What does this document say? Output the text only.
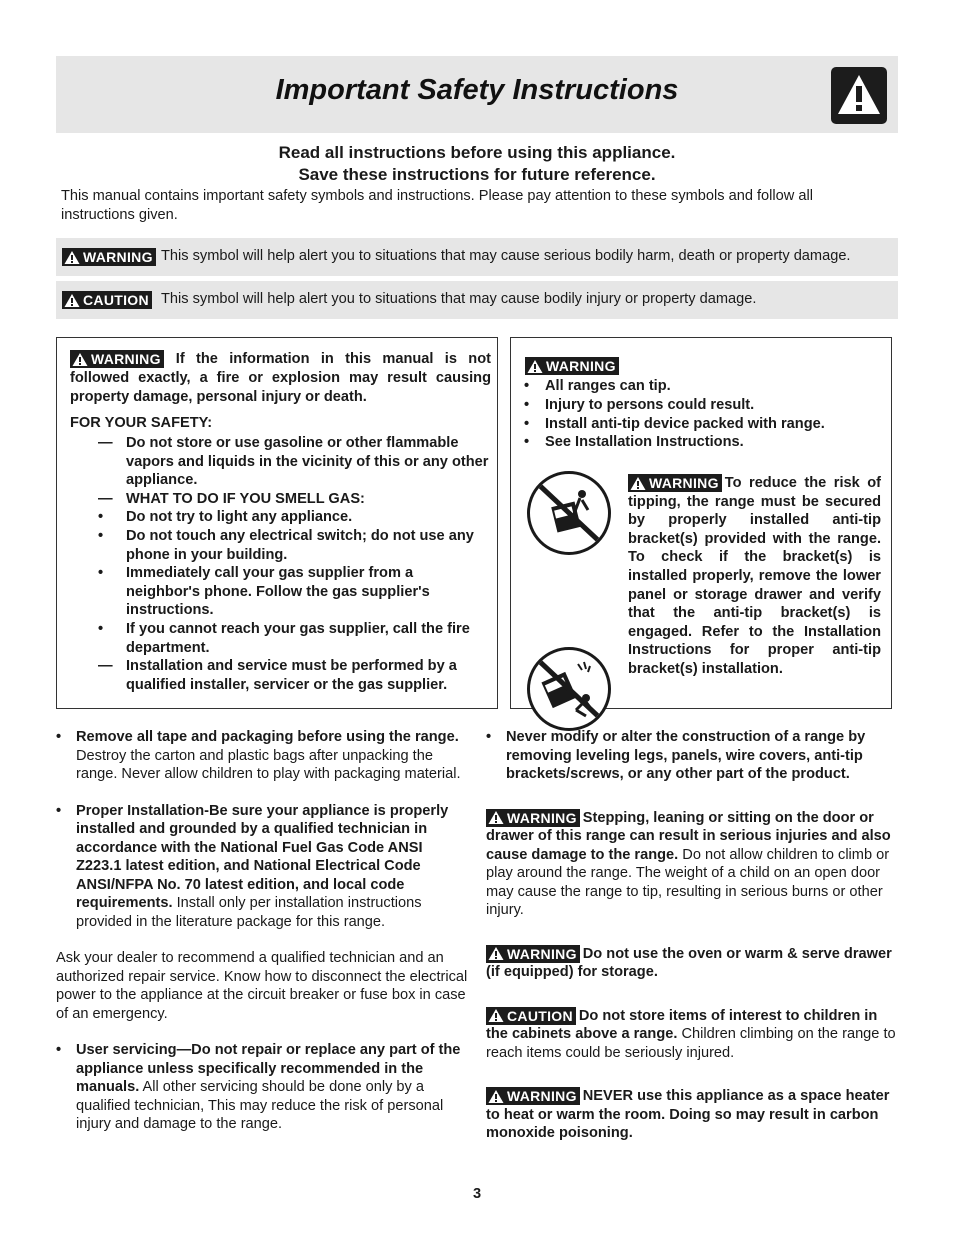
Important Safety Instructions
Read all instructions before using this appliance.
Save these instructions for future reference.
This manual contains important safety symbols and instructions. Please pay attention to these symbols and follow all instructions given.
WARNING This symbol will help alert you to situations that may cause serious bodily harm, death or property damage.
CAUTION This symbol will help alert you to situations that may cause bodily injury or property damage.
WARNING If the information in this manual is not followed exactly, a fire or explosion may result causing property damage, personal injury or death.
FOR YOUR SAFETY:
— Do not store or use gasoline or other flammable vapors and liquids in the vicinity of this or any other appliance.
— WHAT TO DO IF YOU SMELL GAS:
• Do not try to light any appliance.
• Do not touch any electrical switch; do not use any phone in your building.
• Immediately call your gas supplier from a neighbor's phone. Follow the gas supplier's instructions.
• If you cannot reach your gas supplier, call the fire department.
— Installation and service must be performed by a qualified installer, servicer or the gas supplier.
WARNING
• All ranges can tip.
• Injury to persons could result.
• Install anti-tip device packed with range.
• See Installation Instructions.
WARNING To reduce the risk of tipping, the range must be secured by properly installed anti-tip bracket(s) provided with the range. To check if the bracket(s) is installed properly, remove the lower panel or storage drawer and verify that the anti-tip bracket(s) is engaged. Refer to the Installation Instructions for proper anti-tip bracket(s) installation.
• Remove all tape and packaging before using the range. Destroy the carton and plastic bags after unpacking the range. Never allow children to play with packaging material.
• Proper Installation-Be sure your appliance is properly installed and grounded by a qualified technician in accordance with the National Fuel Gas Code ANSI Z223.1 latest edition, and National Electrical Code ANSI/NFPA No. 70 latest edition, and local code requirements. Install only per installation instructions provided in the literature package for this range.
Ask your dealer to recommend a qualified technician and an authorized repair service. Know how to disconnect the electrical power to the appliance at the circuit breaker or fuse box in case of an emergency.
• User servicing—Do not repair or replace any part of the appliance unless specifically recommended in the manuals. All other servicing should be done only by a qualified technician, This may reduce the risk of personal injury and damage to the range.
• Never modify or alter the construction of a range by removing leveling legs, panels, wire covers, anti-tip brackets/screws, or any other part of the product.
WARNING Stepping, leaning or sitting on the door or drawer of this range can result in serious injuries and also cause damage to the range. Do not allow children to climb or play around the range. The weight of a child on an open door may cause the range to tip, resulting in serious burns or other injury.
WARNING Do not use the oven or warm & serve drawer (if equipped) for storage.
CAUTION Do not store items of interest to children in the cabinets above a range. Children climbing on the range to reach items could be seriously injured.
WARNING NEVER use this appliance as a space heater to heat or warm the room. Doing so may result in carbon monoxide poisoning.
3
